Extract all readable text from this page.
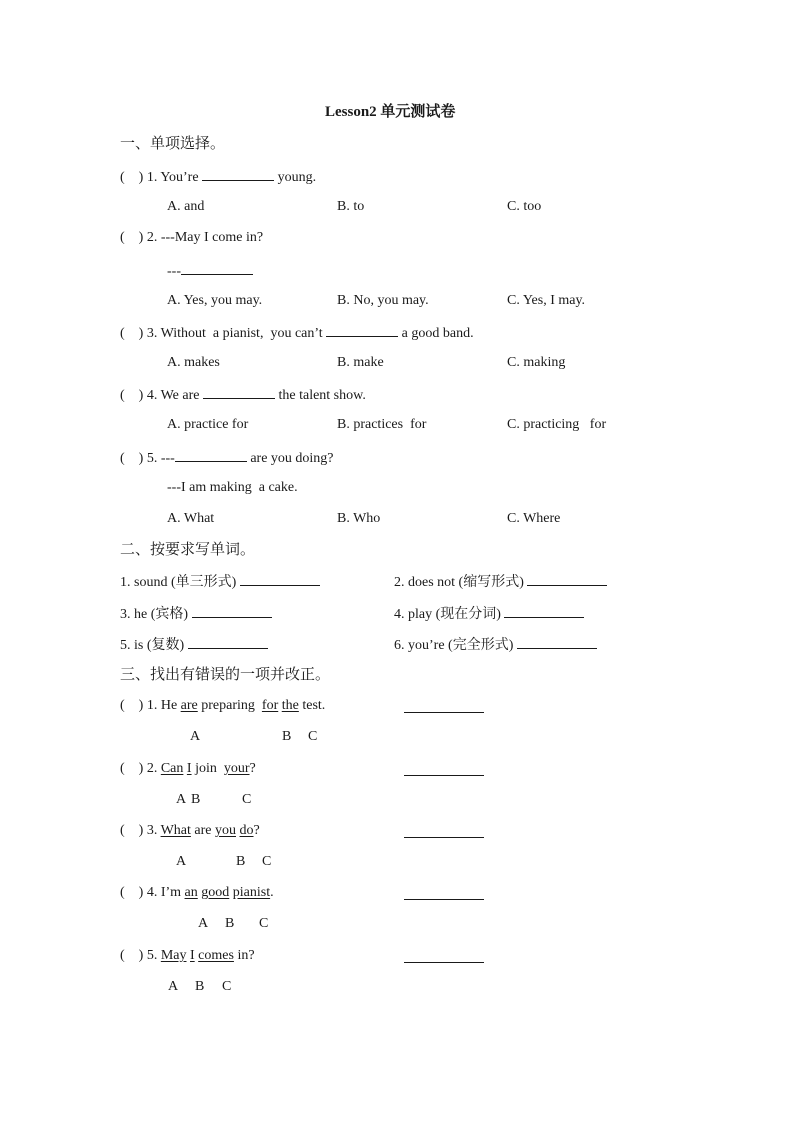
Lesson2 单元测试卷
一、单项选择。
(    ) 1. You’re	young.
A. and	B. to	C. too
(    ) 2. ---May I come in?
---
A. Yes, you may.	B. No, you may.	C. Yes, I may.
(    ) 3. Without  a pianist,  you can’t	a good band.
A. makes	B. make	C. making
(    ) 4. We are	the talent show.
A. practice for	B. practices  for	C. practicing   for
(    ) 5. ---	are you doing?
---I am making  a cake.
A. What	B. Who	C. Where
二、按要求写单词。
1. sound (单三形式)	2. does not (缩写形式)
3. he (宾格)	4. play (现在分词)
5. is (复数)	6. you’re (完全形式)
三、找出有错误的一项并改正。
(    ) 1. He are preparing for the test.
A	B C
(    ) 2. Can I join your?
A B	C
(    ) 3. What are you do?
A	B C
(    ) 4. I’m an good pianist.
A B C
(    ) 5. May I comes in?
A B C
